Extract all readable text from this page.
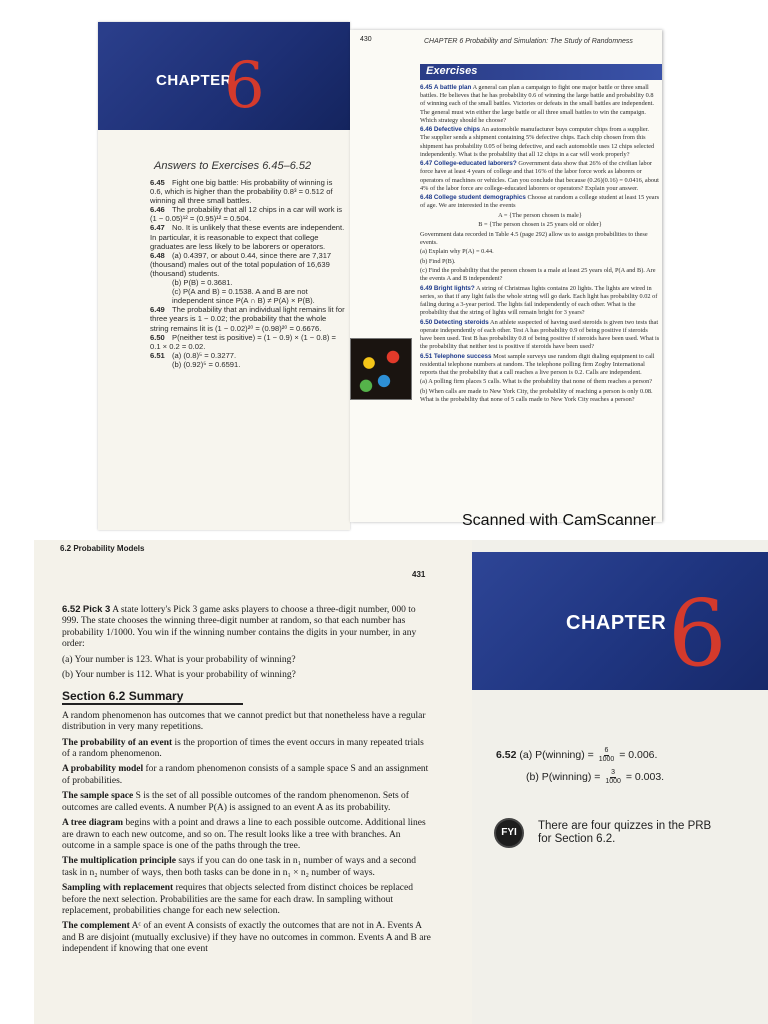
CHAPTER
6
Answers to Exercises 6.45–6.52
6.45 Fight one big battle: His probability of winning is 0.6, which is higher than the probability 0.8³ = 0.512 of winning all three small battles.
6.46 The probability that all 12 chips in a car will work is (1 − 0.05)¹² = (0.95)¹² = 0.504.
6.47 No. It is unlikely that these events are independent. In particular, it is reasonable to expect that college graduates are less likely to be laborers or operators.
6.48 (a) 0.4397, or about 0.44, since there are 7,317 (thousand) males out of the total population of 16,639 (thousand) students.
(b) P(B) = 0.3681.
(c) P(A and B) = 0.1538. A and B are not independent since P(A ∩ B) ≠ P(A) × P(B).
6.49 The probability that an individual light remains lit for three years is 1 − 0.02; the probability that the whole string remains lit is (1 − 0.02)²⁰ = (0.98)²⁰ = 0.6676.
6.50 P(neither test is positive) = (1 − 0.9) × (1 − 0.8) = 0.1 × 0.2 = 0.02.
6.51 (a) (0.8)⁵ = 0.3277.
(b) (0.92)⁵ = 0.6591.
430	CHAPTER 6 Probability and Simulation: The Study of Randomness
Exercises

6.45 A battle plan A general can plan a campaign to fight one major battle or three small battles. He believes that he has probability 0.6 of winning the large battle and probability 0.8 of winning each of the small battles. Victories or defeats in the small battles are independent. The general must win either the large battle or all three small battles to win the campaign. Which strategy should he choose?

6.46 Defective chips An automobile manufacturer buys computer chips from a supplier. The supplier sends a shipment containing 5% defective chips. Each chip chosen from this shipment has probability 0.05 of being defective, and each automobile uses 12 chips selected independently. What is the probability that all 12 chips in a car will work properly?

6.47 College-educated laborers? Government data show that 26% of the civilian labor force have at least 4 years of college and that 16% of the labor force work as laborers or operators of machines or vehicles. Can you conclude that because (0.26)(0.16) = 0.0416, about 4% of the labor force are college-educated laborers or operators? Explain your answer.

6.48 College student demographics Choose at random a college student at least 15 years of age. We are interested in the events

A = {The person chosen is male}

B = {The person chosen is 25 years old or older}

Government data recorded in Table 4.5 (page 292) allow us to assign probabilities to these events.

(a) Explain why P(A) = 0.44.

(b) Find P(B).

(c) Find the probability that the person chosen is a male at least 25 years old, P(A and B). Are the events A and B independent?

6.49 Bright lights? A string of Christmas lights contains 20 lights. The lights are wired in series, so that if any light fails the whole string will go dark. Each light has probability 0.02 of failing during a 3-year period. The lights fail independently of each other. What is the probability that the string of lights will remain bright for 3 years?

6.50 Detecting steroids An athlete suspected of having used steroids is given two tests that operate independently of each other. Test A has probability 0.9 of being positive if steroids have been used. Test B has probability 0.8 of being positive if steroids have been used. What is the probability that neither test is positive if steroids have been used?

6.51 Telephone success Most sample surveys use random digit dialing equipment to call residential telephone numbers at random. The telephone polling firm Zogby International reports that the probability that a call reaches a live person is 0.2. Calls are independent.

(a) A polling firm places 5 calls. What is the probability that none of them reaches a person?

(b) When calls are made to New York City, the probability of reaching a person is only 0.08. What is the probability that none of 5 calls made to New York City reaches a person?

Scanned with CamScanner
6.2 Probability Models
431

6.52 Pick 3 A state lottery's Pick 3 game asks players to choose a three-digit number, 000 to 999. The state chooses the winning three-digit number at random, so that each number has probability 1/1000. You win if the winning number contains the digits in your number, in any order:

(a) Your number is 123. What is your probability of winning?

(b) Your number is 112. What is your probability of winning?

Section 6.2 Summary

A random phenomenon has outcomes that we cannot predict but that nonetheless have a regular distribution in very many repetitions.

The probability of an event is the proportion of times the event occurs in many repeated trials of a random phenomenon.

A probability model for a random phenomenon consists of a sample space S and an assignment of probabilities.

The sample space S is the set of all possible outcomes of the random phenomenon. Sets of outcomes are called events. A number P(A) is assigned to an event A as its probability.

A tree diagram begins with a point and draws a line to each possible outcome. Additional lines are drawn to each new outcome, and so on. The result looks like a tree with branches. An outcome in a sample space is one of the paths through the tree.

The multiplication principle says if you can do one task in n₁ number of ways and a second task in n₂ number of ways, then both tasks can be done in n₁ × n₂ number of ways.

Sampling with replacement requires that objects selected from distinct choices be replaced before the next selection. Probabilities are the same for each draw. In sampling without replacement, probabilities change for each new selection.

The complement Aᶜ of an event A consists of exactly the outcomes that are not in A. Events A and B are disjoint (mutually exclusive) if they have no outcomes in common. Events A and B are independent if knowing that one event

CHAPTER 6
6.52 (a) P(winning) = $\frac{6}{1000} = 0.006$.
(b) P(winning) = $\frac{3}{1000} = 0.003$.
FYI
There are four quizzes in the PRB for Section 6.2.
